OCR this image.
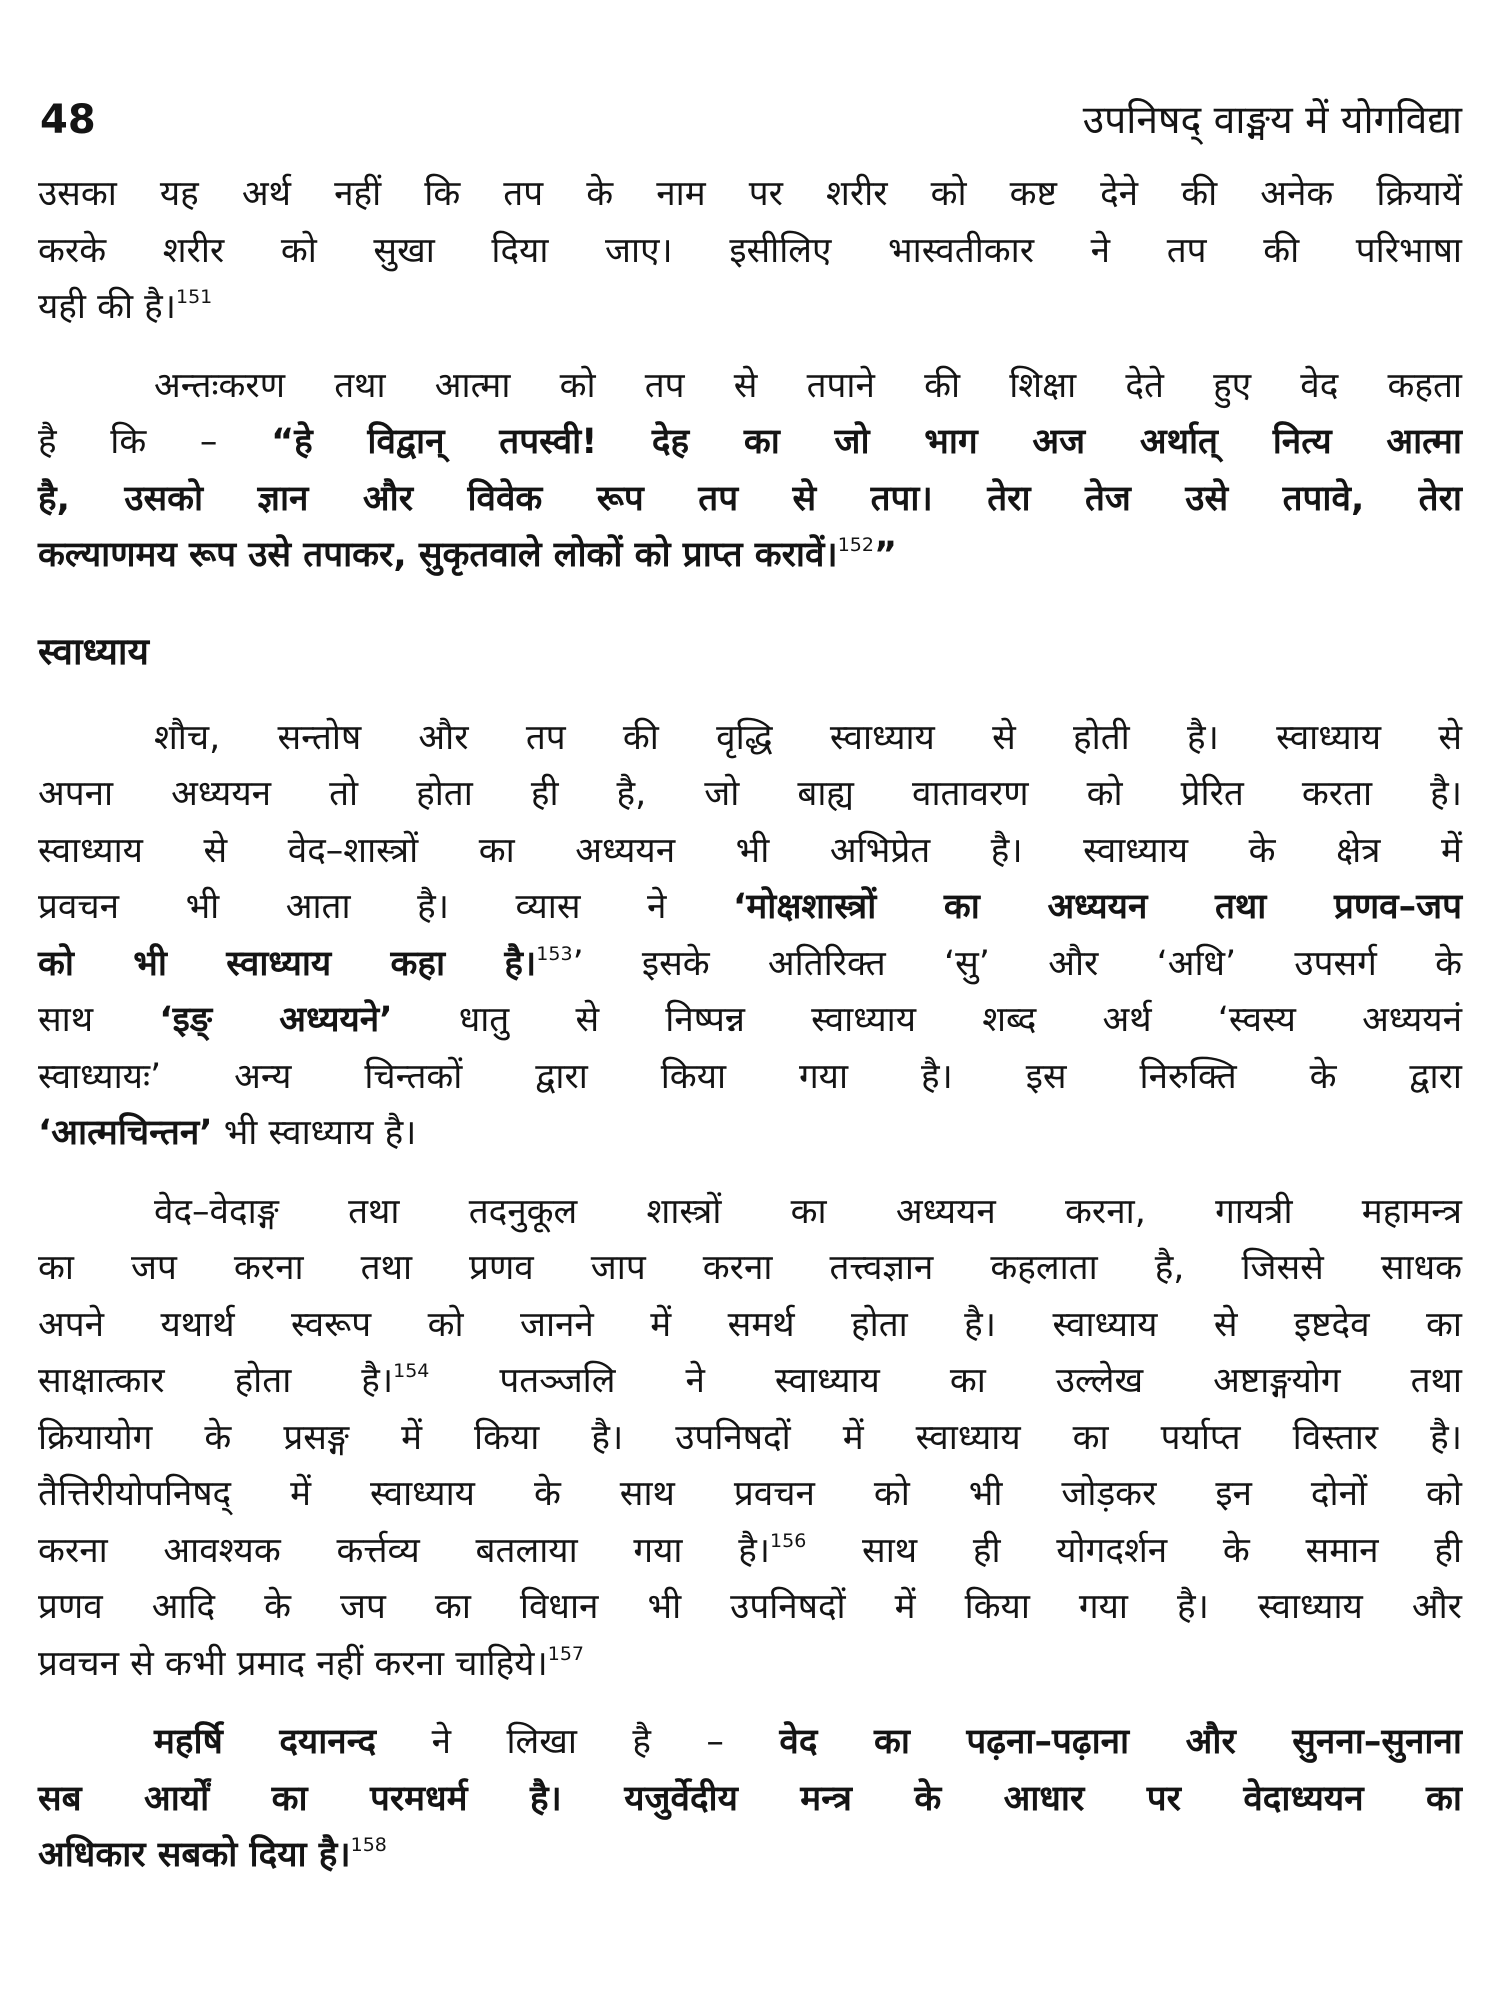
48	उपनिषद् वाङ्मय में योगविद्या

उसका यह अर्थ नहीं कि तप के नाम पर शरीर को कष्ट देने की अनेक क्रियायें
करके शरीर को सुखा दिया जाए। इसीलिए भास्वतीकार ने तप की परिभाषा
यही की है।$^{151}$

अन्तःकरण तथा आत्मा को तप से तपाने की शिक्षा देते हुए वेद कहता
है कि – “हे विद्वान् तपस्वी! देह का जो भाग अज अर्थात् नित्य आत्मा
है, उसको ज्ञान और विवेक रूप तप से तपा। तेरा तेज उसे तपावे, तेरा
कल्याणमय रूप उसे तपाकर, सुकृतवाले लोकों को प्राप्त करावें।$^{152}$”

स्वाध्याय

शौच, सन्तोष और तप की वृद्धि स्वाध्याय से होती है। स्वाध्याय से
अपना अध्ययन तो होता ही है, जो बाह्य वातावरण को प्रेरित करता है।
स्वाध्याय से वेद–शास्त्रों का अध्ययन भी अभिप्रेत है। स्वाध्याय के क्षेत्र में
प्रवचन भी आता है। व्यास ने ‘मोक्षशास्त्रों का अध्ययन तथा प्रणव–जप
को भी स्वाध्याय कहा है।$^{153}$’ इसके अतिरिक्त ‘सु’ और ‘अधि’ उपसर्ग के
साथ ‘इङ् अध्ययने’ धातु से निष्पन्न स्वाध्याय शब्द अर्थ ‘स्वस्य अध्ययनं
स्वाध्यायः’ अन्य चिन्तकों द्वारा किया गया है। इस निरुक्ति के द्वारा
‘आत्मचिन्तन’ भी स्वाध्याय है।

वेद–वेदाङ्ग तथा तदनुकूल शास्त्रों का अध्ययन करना, गायत्री महामन्त्र
का जप करना तथा प्रणव जाप करना तत्त्वज्ञान कहलाता है, जिससे साधक
अपने यथार्थ स्वरूप को जानने में समर्थ होता है। स्वाध्याय से इष्टदेव का
साक्षात्कार होता है।$^{154}$ पतञ्जलि ने स्वाध्याय का उल्लेख अष्टाङ्गयोग तथा
क्रियायोग के प्रसङ्ग में किया है। उपनिषदों में स्वाध्याय का पर्याप्त विस्तार है।
तैत्तिरीयोपनिषद् में स्वाध्याय के साथ प्रवचन को भी जोड़कर इन दोनों को
करना आवश्यक कर्त्तव्य बतलाया गया है।$^{156}$ साथ ही योगदर्शन के समान ही
प्रणव आदि के जप का विधान भी उपनिषदों में किया गया है। स्वाध्याय और
प्रवचन से कभी प्रमाद नहीं करना चाहिये।$^{157}$

महर्षि दयानन्द ने लिखा है – वेद का पढ़ना–पढ़ाना और सुनना–सुनाना
सब आर्यों का परमधर्म है। यजुर्वेदीय मन्त्र के आधार पर वेदाध्ययन का
अधिकार सबको दिया है।$^{158}$
